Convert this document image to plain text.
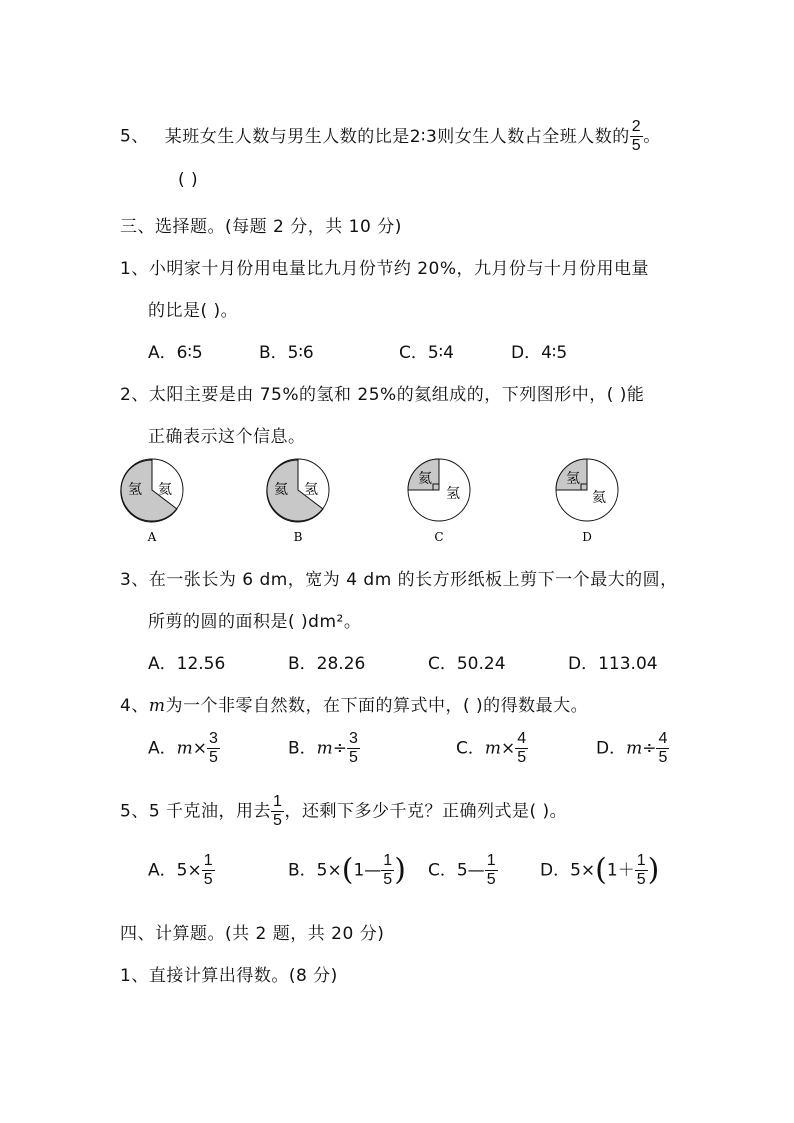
5、 某班女生人数与男生人数的比是2∶3则女生人数占全班人数的 $\frac{2}{5}$ 。
( )
三、选择题。(每题 2 分，共 10 分)
1、小明家十月份用电量比九月份节约 20%，九月份与十月份用电量
的比是( )。
A．6∶5	B．5∶6	C．5∶4	D．4∶5
2、太阳主要是由 75%的氢和 25%的氦组成的，下列图形中，( )能
正确表示这个信息。
氢 氦
A
氦 氢
B
氦
氢
C
氢
氦
D
3、在一张长为 6 dm，宽为 4 dm 的长方形纸板上剪下一个最大的圆，
所剪的圆的面积是( )dm²。
A．12.56	B．28.26	C．50.24	D．113.04
4、m为一个非零自然数，在下面的算式中，( )的得数最大。
A．$m\times \frac{3}{5}$	B．$m\div \frac{3}{5}$	C．$m\times \frac{4}{5}$	D．$m\div \frac{4}{5}$
5、5 千克油，用去 $\frac{1}{5}$ ，还剩下多少千克？正确列式是( )。
A．$5\times \frac{1}{5}$	B．5×(1— $\frac{1}{5}$ ) C．5— $\frac{1}{5}$	D．$5\times(1+ \frac{1}{5}$ )
四、计算题。(共 2 题，共 20 分)
1、直接计算出得数。(8 分)
